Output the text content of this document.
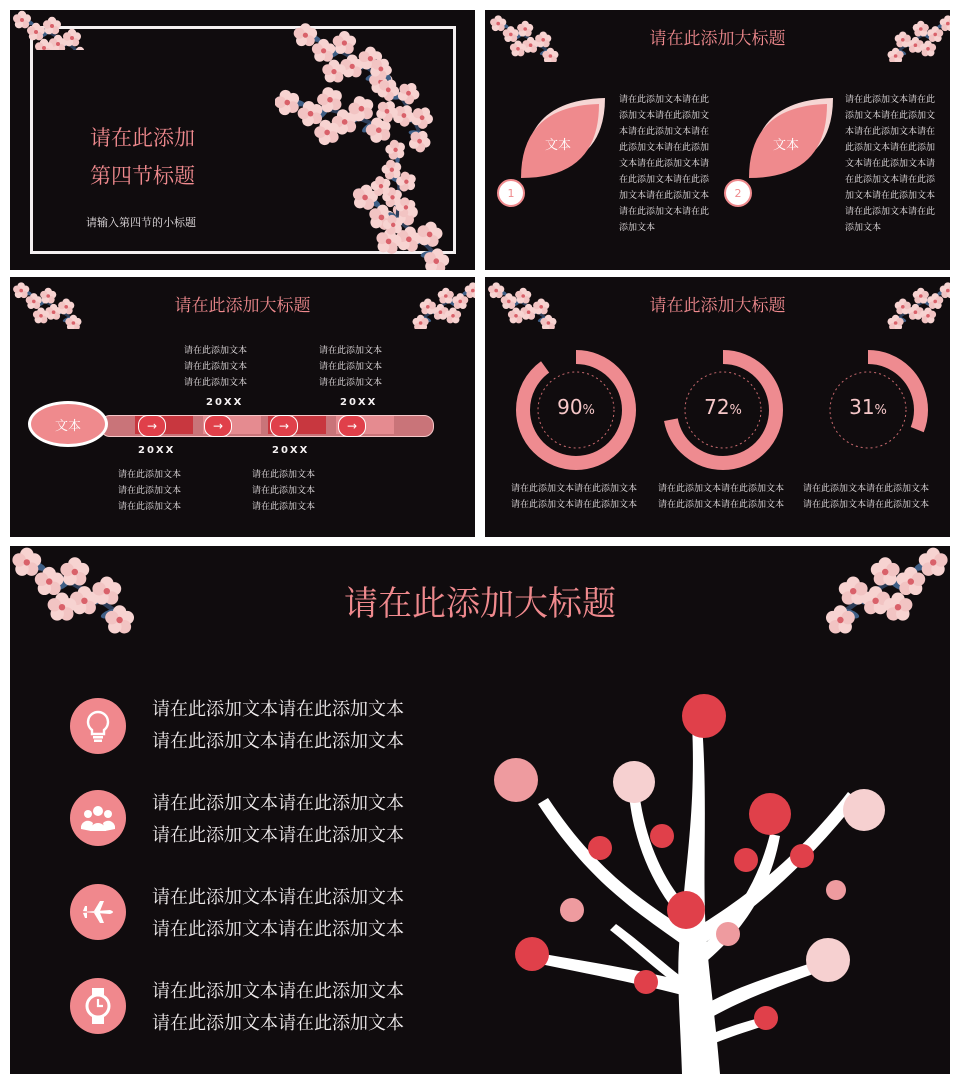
请在此添加
第四节标题
请输入第四节的小标题
请在此添加大标题
文本
1
请在此添加文本请在此添加文本请在此添加文本请在此添加文本请在此添加文本请在此添加文本请在此添加文本请在此添加文本请在此添加文本请在此添加文本请在此添加文本请在此添加文本
文本
2
请在此添加文本请在此添加文本请在此添加文本请在此添加文本请在此添加文本请在此添加文本请在此添加文本请在此添加文本请在此添加文本请在此添加文本请在此添加文本请在此添加文本
请在此添加大标题
文本	→	→	→	→
请在此添加文本
请在此添加文本
请在此添加文本
20XX
请在此添加文本
请在此添加文本
请在此添加文本
20XX
20XX
请在此添加文本
请在此添加文本
请在此添加文本
20XX
请在此添加文本
请在此添加文本
请在此添加文本
请在此添加大标题
90%
请在此添加文本请在此添加文本
请在此添加文本请在此添加文本
72%
请在此添加文本请在此添加文本
请在此添加文本请在此添加文本
31%
请在此添加文本请在此添加文本
请在此添加文本请在此添加文本
请在此添加大标题
请在此添加文本请在此添加文本
请在此添加文本请在此添加文本
请在此添加文本请在此添加文本
请在此添加文本请在此添加文本
请在此添加文本请在此添加文本
请在此添加文本请在此添加文本
请在此添加文本请在此添加文本
请在此添加文本请在此添加文本
